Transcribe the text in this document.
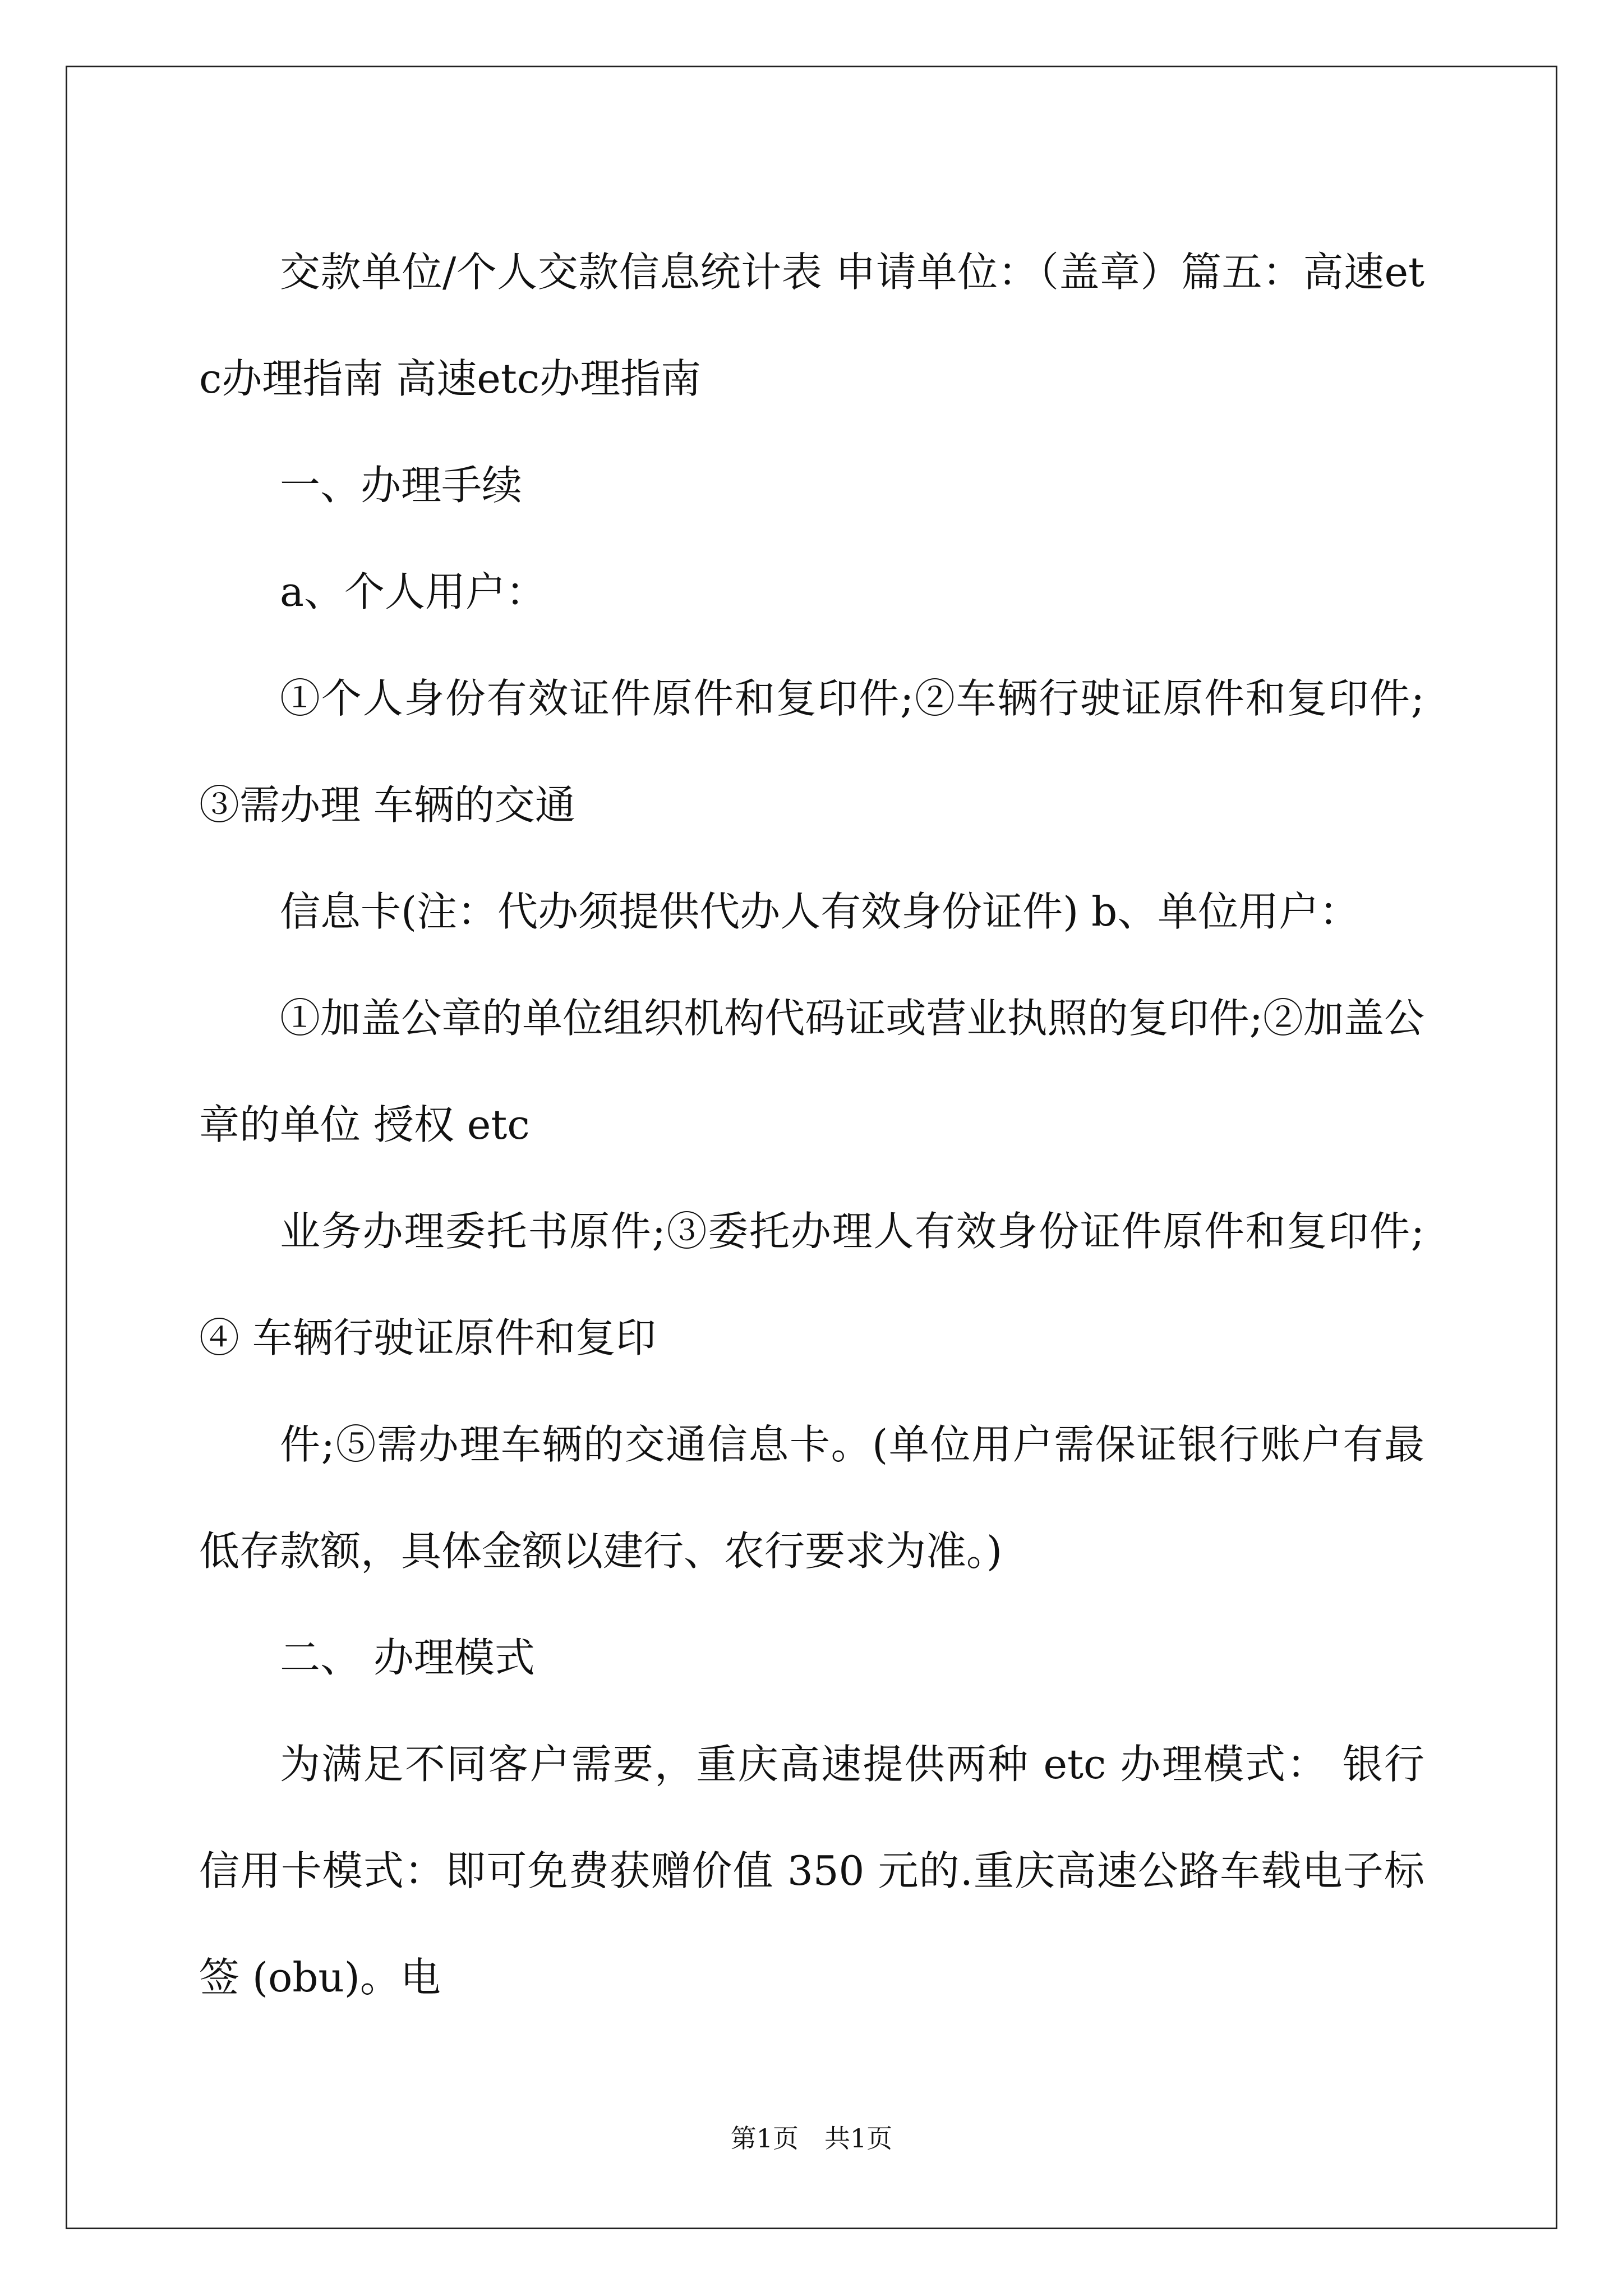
交款单位/个人交款信息统计表 申请单位：（盖章）篇五：高速etc办理指南 高速etc办理指南

一、办理手续

a、个人用户：

①个人身份有效证件原件和复印件;②车辆行驶证原件和复印件;③需办理 车辆的交通

信息卡(注：代办须提供代办人有效身份证件) b、单位用户：

①加盖公章的单位组织机构代码证或营业执照的复印件;②加盖公章的单位 授权 etc

业务办理委托书原件;③委托办理人有效身份证件原件和复印件;④ 车辆行驶证原件和复印

件;⑤需办理车辆的交通信息卡。(单位用户需保证银行账户有最低存款额，具体金额以建行、农行要求为准。)

二、 办理模式

为满足不同客户需要，重庆高速提供两种 etc 办理模式： 银行信用卡模式：即可免费获赠价值 350 元的.重庆高速公路车载电子标签 (obu)。电

第1页　共1页
